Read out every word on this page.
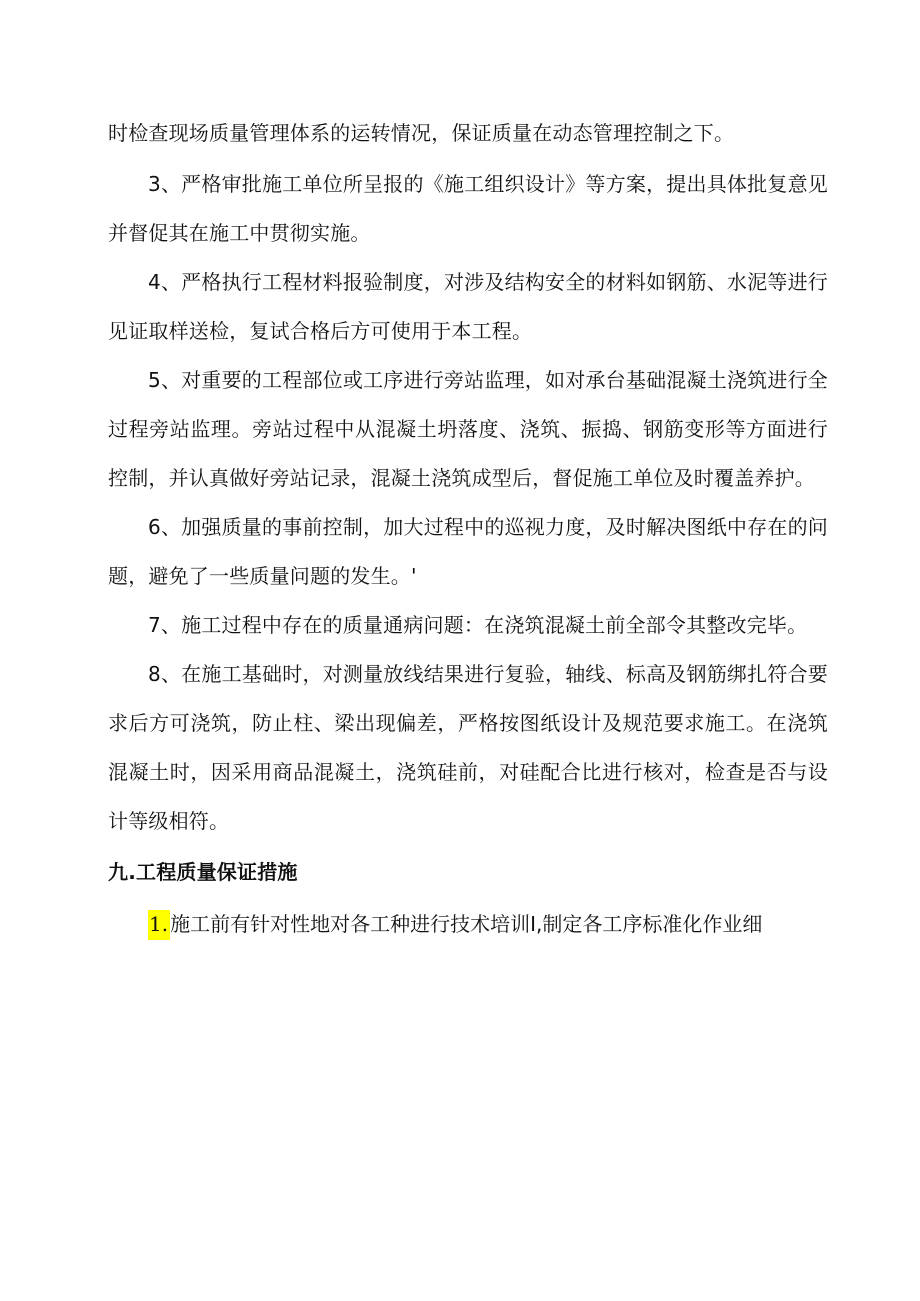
时检查现场质量管理体系的运转情况，保证质量在动态管理控制之下。

3、严格审批施工单位所呈报的《施工组织设计》等方案，提出具体批复意见并督促其在施工中贯彻实施。

4、严格执行工程材料报验制度，对涉及结构安全的材料如钢筋、水泥等进行见证取样送检，复试合格后方可使用于本工程。

5、对重要的工程部位或工序进行旁站监理，如对承台基础混凝土浇筑进行全过程旁站监理。旁站过程中从混凝土坍落度、浇筑、振捣、钢筋变形等方面进行控制，并认真做好旁站记录，混凝土浇筑成型后，督促施工单位及时覆盖养护。

6、加强质量的事前控制，加大过程中的巡视力度，及时解决图纸中存在的问题，避免了一些质量问题的发生。'

7、施工过程中存在的质量通病问题：在浇筑混凝土前全部令其整改完毕。

8、在施工基础时，对测量放线结果进行复验，轴线、标高及钢筋绑扎符合要求后方可浇筑，防止柱、梁出现偏差，严格按图纸设计及规范要求施工。在浇筑混凝土时，因采用商品混凝土，浇筑硅前，对硅配合比进行核对，检查是否与设计等级相符。

九.工程质量保证措施

1. 施工前有针对性地对各工种进行技术培训I,制定各工序标准化作业细
